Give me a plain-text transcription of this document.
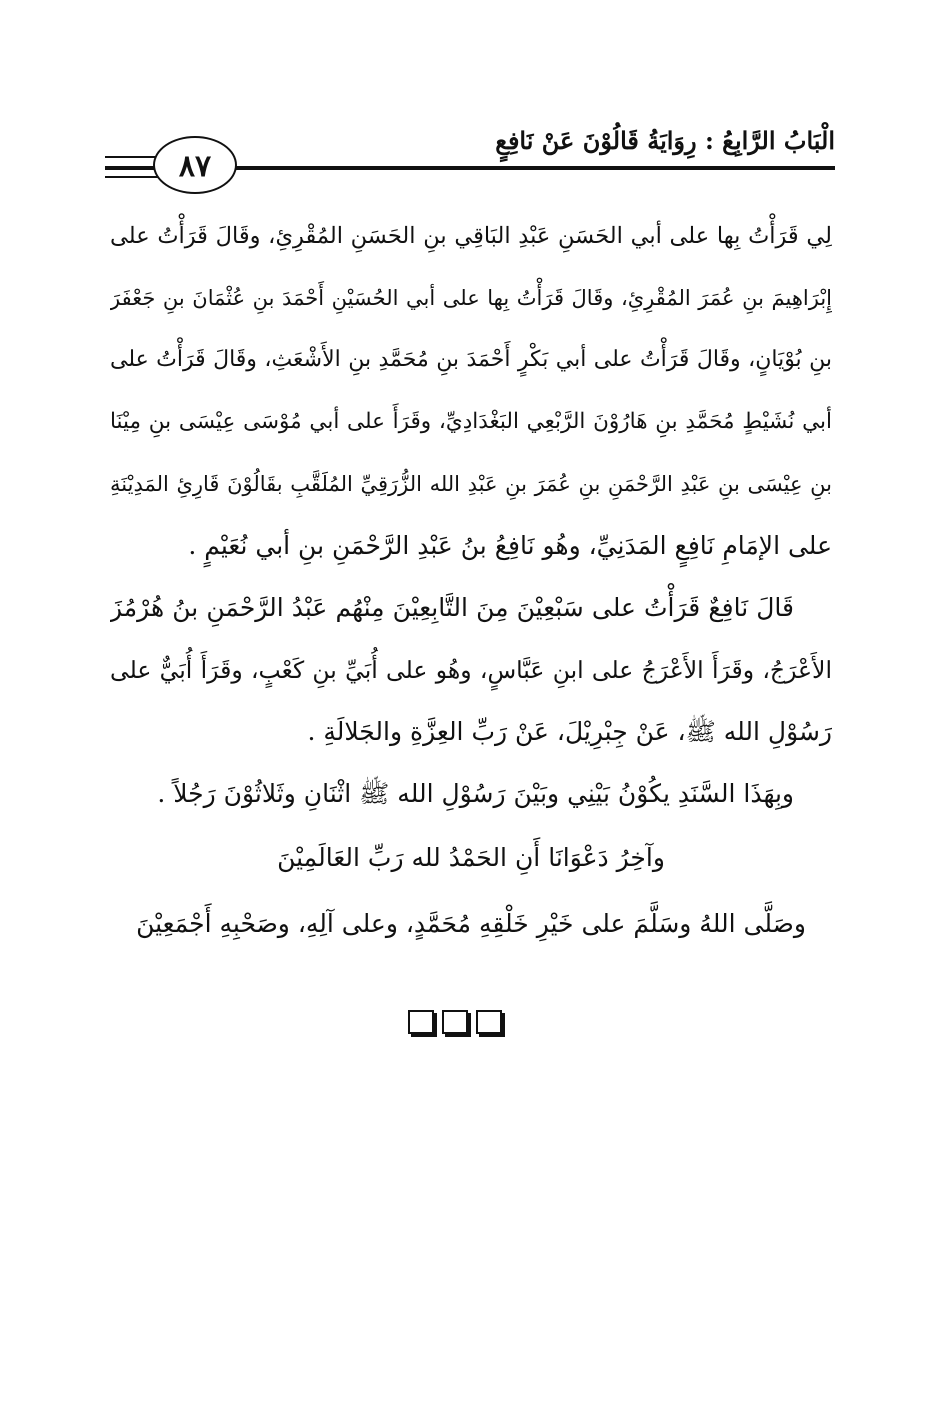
الْبَابُ الرَّابِعُ : رِوَايَةُ قَالُوْنَ عَنْ نَافِعٍ
٨٧
لِي قَرَأْتُ بِها على أبي الحَسَنِ عَبْدِ البَاقِي بنِ الحَسَنِ المُقْرِئِ، وقَالَ قَرَأْتُ على
إِبْرَاهِيمَ بنِ عُمَرَ المُقْرِئِ، وقَالَ قَرَأْتُ بِها على أبي الحُسَيْنِ أَحْمَدَ بنِ عُثْمَانَ بنِ جَعْفَرَ
بنِ بُوْيَانٍ، وقَالَ قَرَأْتُ على أبي بَكْرٍ أَحْمَدَ بنِ مُحَمَّدِ بنِ الأَشْعَثِ، وقَالَ قَرَأْتُ على
أبي نُشَيْطٍ مُحَمَّدِ بنِ هَارُوْنَ الرَّبْعِي البَغْدَادِيِّ، وقَرَأَ على أبي مُوْسَى عِيْسَى بنِ مِيْنَا
بنِ عِيْسَى بنِ عَبْدِ الرَّحْمَنِ بنِ عُمَرَ بنِ عَبْدِ الله الزُّرَقِيِّ المُلَقَّبِ بقَالُوْنَ قَارِئِ المَدِيْنَةِ
على الإمَامِ نَافِعٍ المَدَنِيِّ، وهُو نَافِعُ بنُ عَبْدِ الرَّحْمَنِ بنِ أبي نُعَيْمٍ .
قَالَ نَافِعٌ قَرَأْتُ على سَبْعِيْنَ مِنَ التَّابِعِيْنَ مِنْهُم عَبْدُ الرَّحْمَنِ بنُ هُرْمُزَ
الأَعْرَجُ، وقَرَأَ الأَعْرَجُ على ابنِ عَبَّاسٍ، وهُو على أُبَيِّ بنِ كَعْبٍ، وقَرَأَ أُبَيٌّ على
رَسُوْلِ الله ﷺ، عَنْ جِبْرِيْلَ، عَنْ رَبِّ العِزَّةِ والجَلالَةِ .
وبِهَذَا السَّنَدِ يكُوْنُ بَيْنِي وبَيْنَ رَسُوْلِ الله ﷺ اثْنَانِ وثَلاثُوْنَ رَجُلاً .
وآخِرُ دَعْوَانَا أَنِ الحَمْدُ لله رَبِّ العَالَمِيْنَ
وصَلَّى اللهُ وسَلَّمَ على خَيْرِ خَلْقِهِ مُحَمَّدٍ، وعلى آلِهِ، وصَحْبِهِ أَجْمَعِيْنَ
